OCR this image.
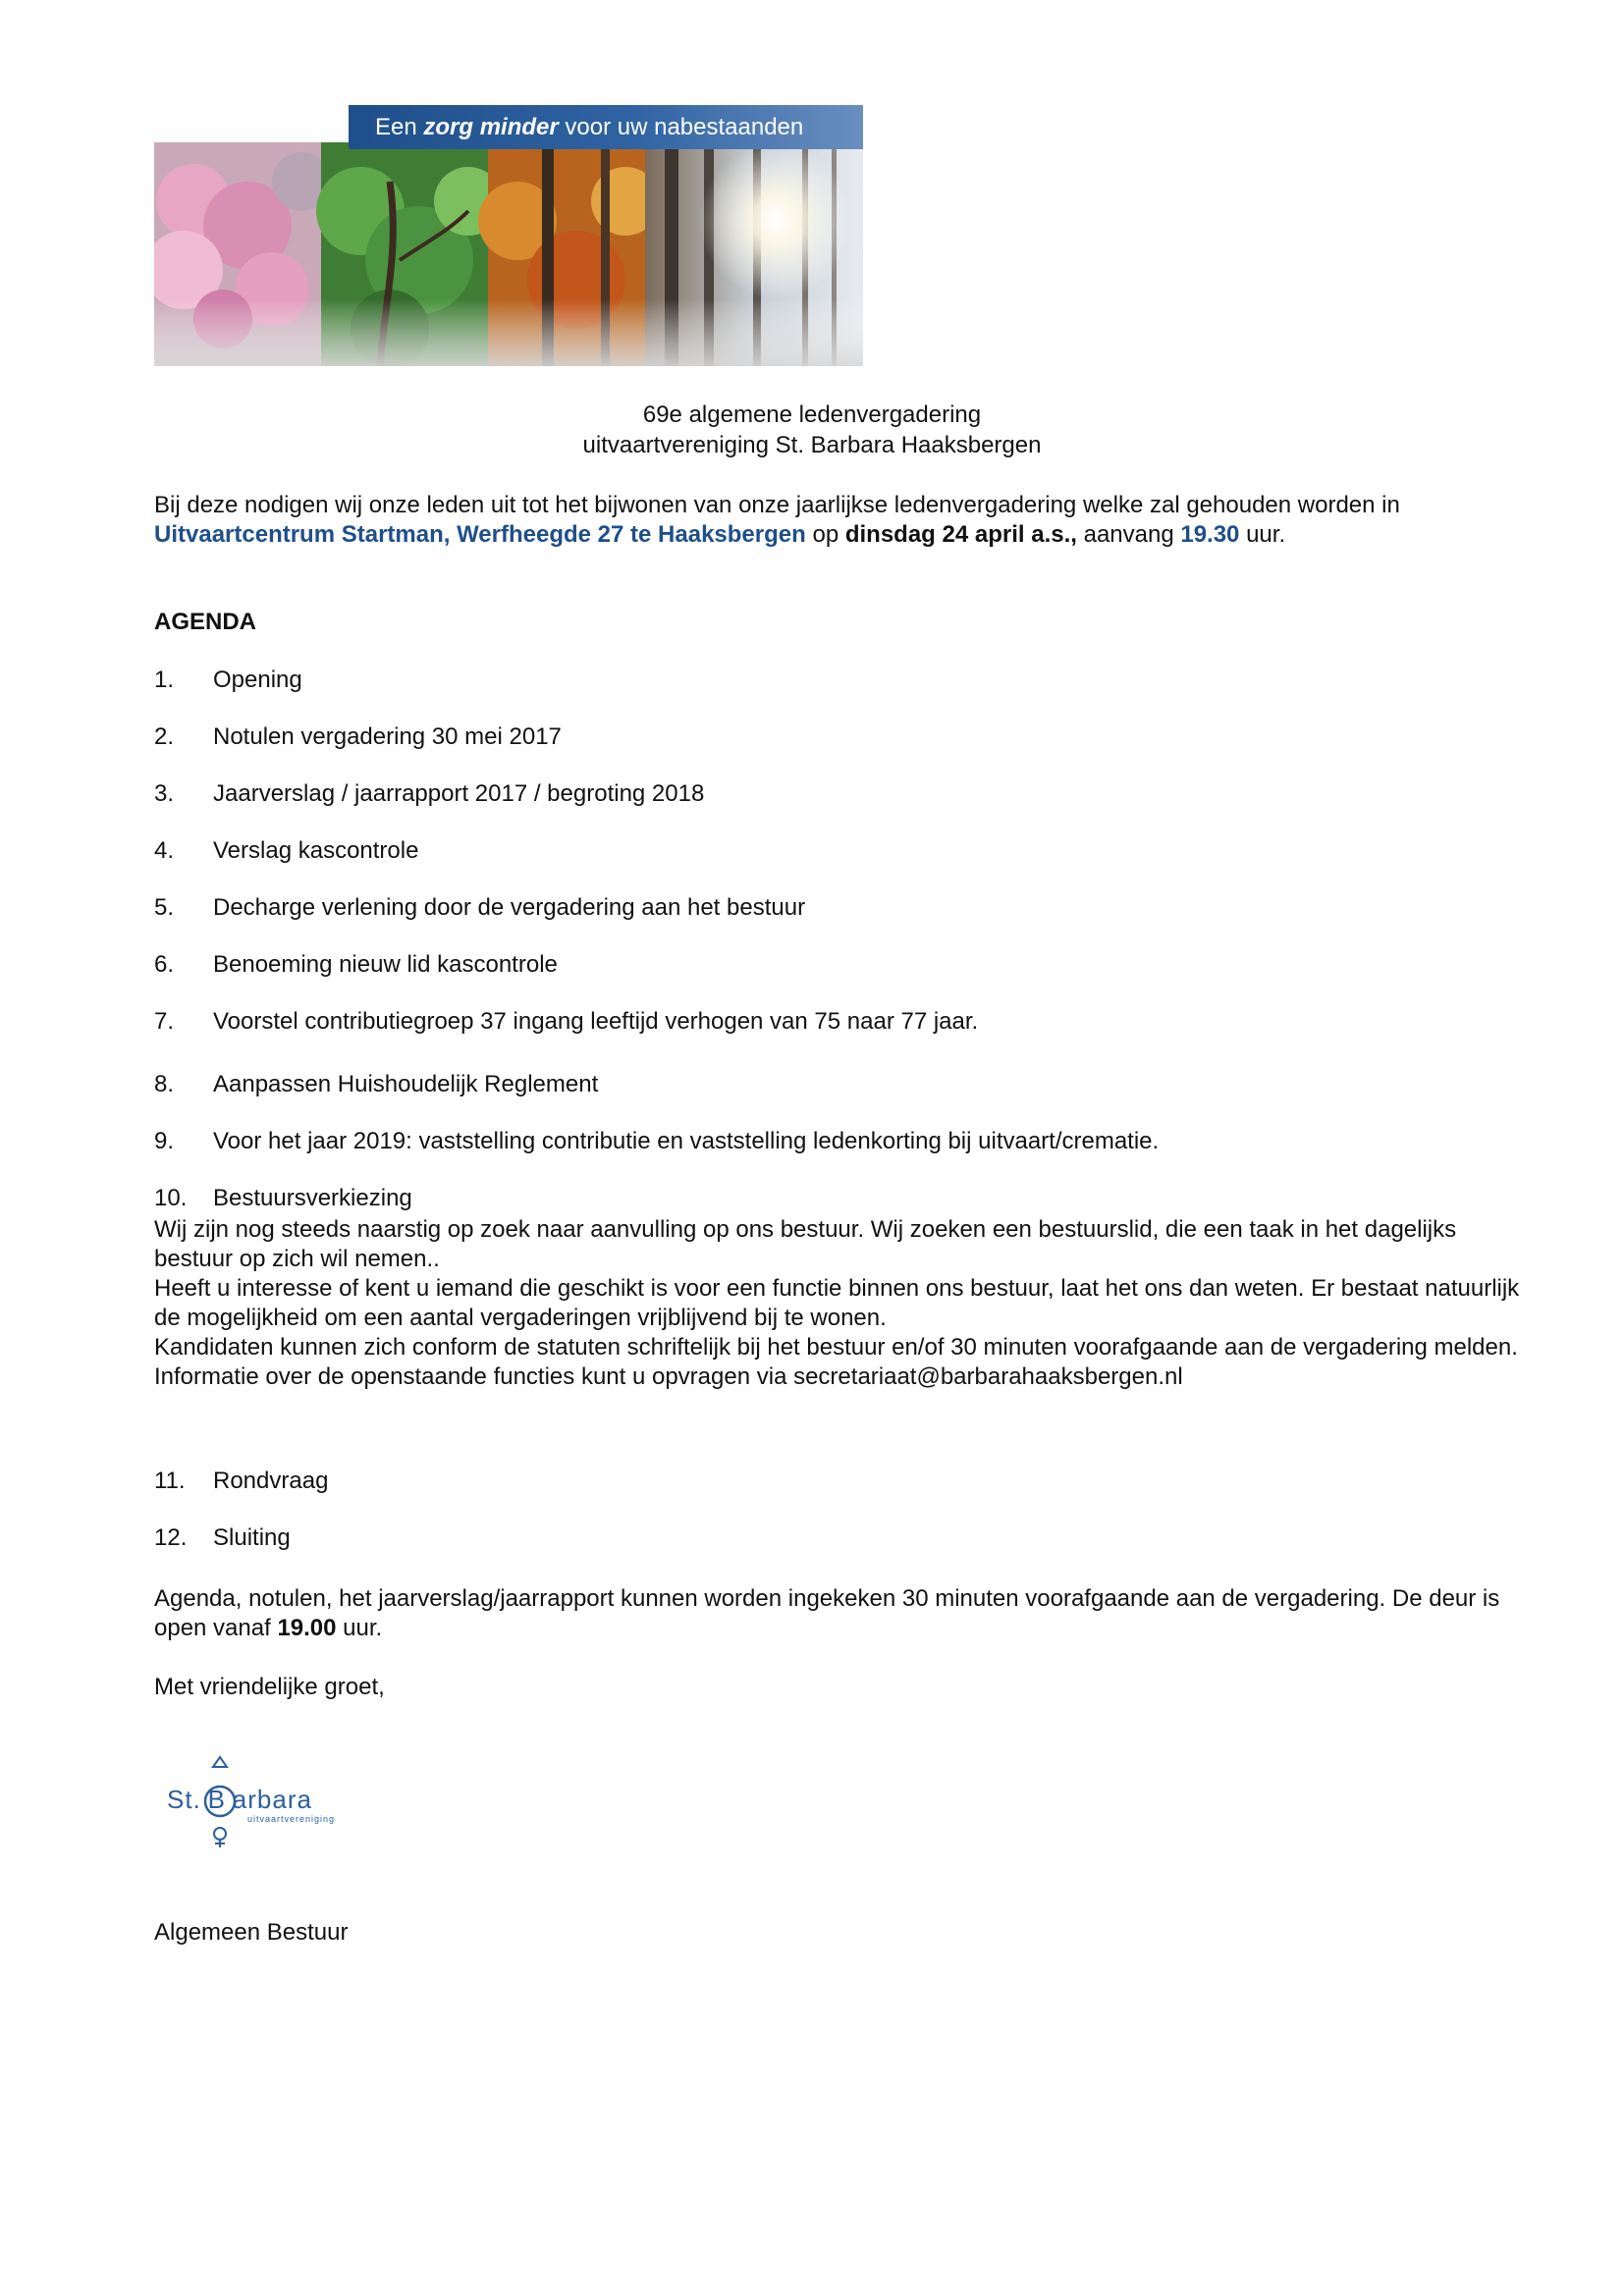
Een zorg minder voor uw nabestaanden
69e algemene ledenvergadering
uitvaartvereniging St. Barbara Haaksbergen
Bij deze nodigen wij onze leden uit tot het bijwonen van onze jaarlijkse ledenvergadering welke zal gehouden worden in Uitvaartcentrum Startman, Werfheegde 27 te Haaksbergen op dinsdag 24 april a.s., aanvang 19.30 uur.
AGENDA
1. Opening
2. Notulen vergadering 30 mei 2017
3. Jaarverslag / jaarrapport 2017 / begroting 2018
4. Verslag kascontrole
5. Decharge verlening door de vergadering aan het bestuur
6. Benoeming nieuw lid kascontrole
7. Voorstel contributiegroep 37 ingang leeftijd verhogen van 75 naar 77 jaar.
8. Aanpassen Huishoudelijk Reglement
9. Voor het jaar 2019: vaststelling contributie en vaststelling ledenkorting bij uitvaart/crematie.
10. Bestuursverkiezing

Wij zijn nog steeds naarstig op zoek naar aanvulling op ons bestuur. Wij zoeken een bestuurslid, die een taak in het dagelijks bestuur op zich wil nemen..

Heeft u interesse of kent u iemand die geschikt is voor een functie binnen ons bestuur, laat het ons dan weten. Er bestaat natuurlijk de mogelijkheid om een aantal vergaderingen vrijblijvend bij te wonen.

Kandidaten kunnen zich conform de statuten schriftelijk bij het bestuur en/of 30 minuten voorafgaande aan de vergadering melden. Informatie over de openstaande functies kunt u opvragen via secretariaat@barbarahaaksbergen.nl

11. Rondvraag
12. Sluiting
Agenda, notulen, het jaarverslag/jaarrapport kunnen worden ingekeken 30 minuten voorafgaande aan de vergadering. De deur is open vanaf 19.00 uur.
Met vriendelijke groet,
St. B arbara
uitvaartvereniging
Algemeen Bestuur
